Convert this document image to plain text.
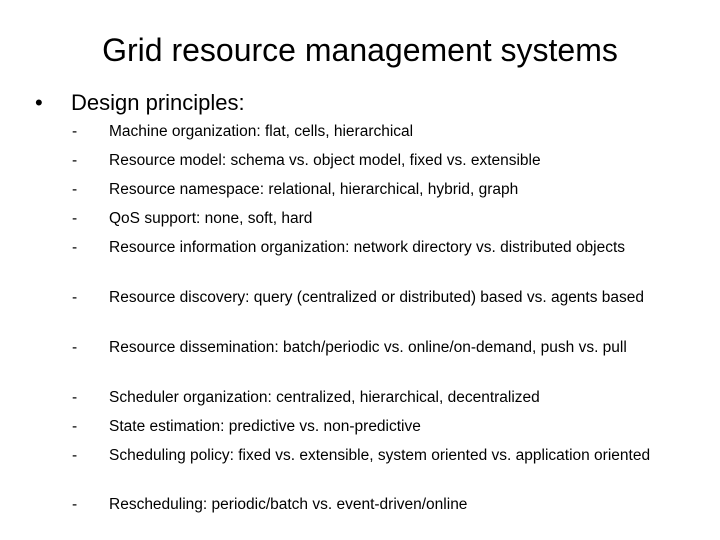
Grid resource management systems
• Design principles:
-	Machine organization: flat, cells, hierarchical
-	Resource model: schema vs. object model, fixed vs. extensible
-	Resource namespace: relational, hierarchical, hybrid, graph
-	QoS support: none, soft, hard
-	Resource information organization: network directory vs. distributed objects
-	Resource discovery: query (centralized or distributed) based vs. agents based
-	Resource dissemination: batch/periodic vs. online/on-demand, push vs. pull
-	Scheduler organization: centralized, hierarchical, decentralized
-	State estimation: predictive vs. non-predictive
-	Scheduling policy: fixed vs. extensible, system oriented vs. application oriented
-	Rescheduling: periodic/batch vs. event-driven/online
